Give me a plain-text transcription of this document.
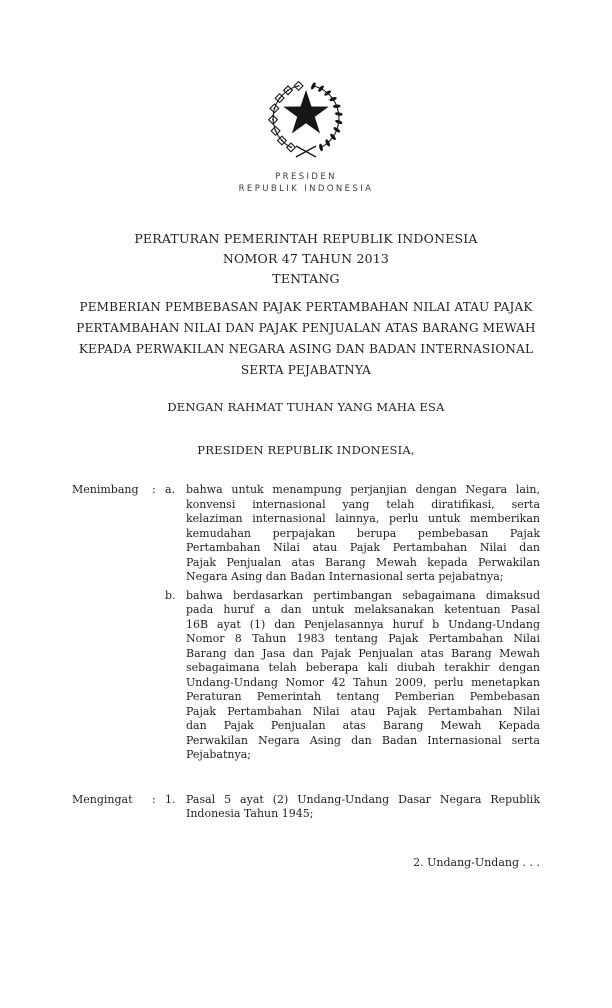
PRESIDEN
REPUBLIK INDONESIA
PERATURAN PEMERINTAH REPUBLIK INDONESIA
NOMOR 47 TAHUN 2013
TENTANG
PEMBERIAN PEMBEBASAN PAJAK PERTAMBAHAN NILAI ATAU PAJAK
PERTAMBAHAN NILAI DAN PAJAK PENJUALAN ATAS BARANG MEWAH
KEPADA PERWAKILAN NEGARA ASING DAN BADAN INTERNASIONAL
SERTA PEJABATNYA
DENGAN RAHMAT TUHAN YANG MAHA ESA
PRESIDEN REPUBLIK INDONESIA,
Menimbang	: a. bahwa untuk menampung perjanjian dengan Negara lain,
konvensi internasional yang telah diratifikasi, serta
kelaziman internasional lainnya, perlu untuk memberikan
kemudahan perpajakan berupa pembebasan Pajak
Pertambahan Nilai atau Pajak Pertambahan Nilai dan
Pajak Penjualan atas Barang Mewah kepada Perwakilan
Negara Asing dan Badan Internasional serta pejabatnya;
b. bahwa berdasarkan pertimbangan sebagaimana dimaksud
pada huruf a dan untuk melaksanakan ketentuan Pasal
16B ayat (1) dan Penjelasannya huruf b Undang-Undang
Nomor 8 Tahun 1983 tentang Pajak Pertambahan Nilai
Barang dan Jasa dan Pajak Penjualan atas Barang Mewah
sebagaimana telah beberapa kali diubah terakhir dengan
Undang-Undang Nomor 42 Tahun 2009, perlu menetapkan
Peraturan Pemerintah tentang Pemberian Pembebasan
Pajak Pertambahan Nilai atau Pajak Pertambahan Nilai
dan Pajak Penjualan atas Barang Mewah Kepada
Perwakilan Negara Asing dan Badan Internasional serta
Pejabatnya;
Mengingat	: 1. Pasal 5 ayat (2) Undang-Undang Dasar Negara Republik
Indonesia Tahun 1945;
2. Undang-Undang . . .
